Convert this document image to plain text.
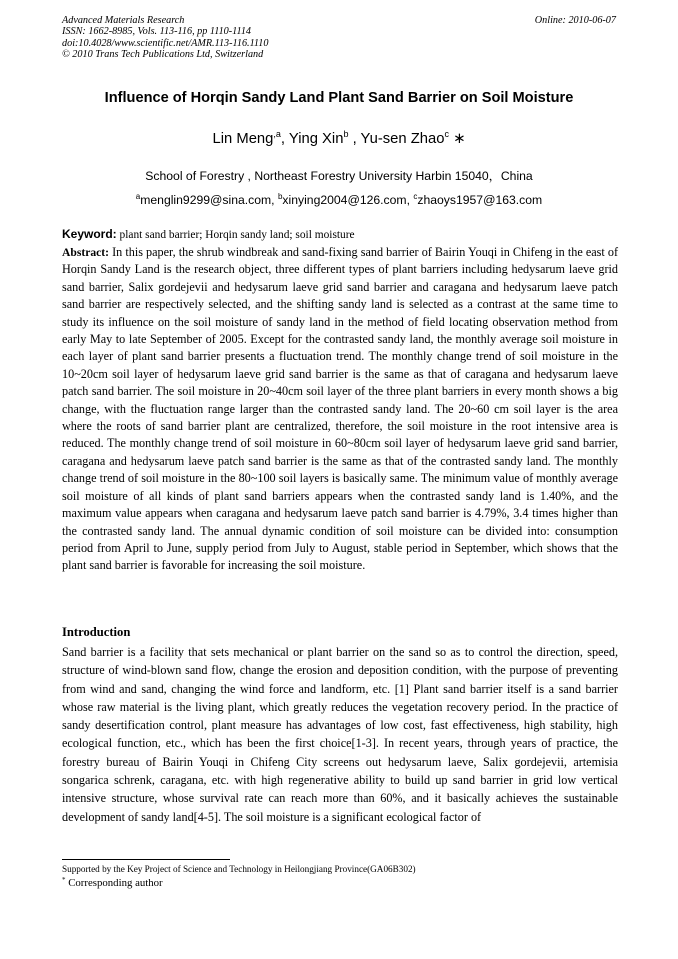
Advanced Materials Research	Online: 2010-06-07
ISSN: 1662-8985, Vols. 113-116, pp 1110-1114
doi:10.4028/www.scientific.net/AMR.113-116.1110
© 2010 Trans Tech Publications Ltd, Switzerland
Influence of Horqin Sandy Land Plant Sand Barrier on Soil Moisture
Lin Meng$^{,a}$, Ying Xin$^b$ , Yu-sen Zhao$^c$ ∗
School of Forestry , Northeast Forestry University Harbin 15040，China
$^a$menglin9299@sina.com, $^b$xinying2004@126.com, $^c$zhaoys1957@163.com
Keyword: plant sand barrier; Horqin sandy land; soil moisture

Abstract: In this paper, the shrub windbreak and sand-fixing sand barrier of Bairin Youqi in Chifeng in the east of Horqin Sandy Land is the research object, three different types of plant barriers including hedysarum laeve grid sand barrier, Salix gordejevii and hedysarum laeve grid sand barrier and caragana and hedysarum laeve patch sand barrier are respectively selected, and the shifting sandy land is selected as a contrast at the same time to study its influence on the soil moisture of sandy land in the method of field locating observation method from early May to late September of 2005. Except for the contrasted sandy land, the monthly average soil moisture in each layer of plant sand barrier presents a fluctuation trend. The monthly change trend of soil moisture in the 10~20cm soil layer of hedysarum laeve grid sand barrier is the same as that of caragana and hedysarum laeve patch sand barrier. The soil moisture in 20~40cm soil layer of the three plant barriers in every month shows a big change, with the fluctuation range larger than the contrasted sandy land. The 20~60 cm soil layer is the area where the roots of sand barrier plant are centralized, therefore, the soil moisture in the root intensive area is reduced. The monthly change trend of soil moisture in 60~80cm soil layer of hedysarum laeve grid sand barrier, caragana and hedysarum laeve patch sand barrier is the same as that of the contrasted sandy land. The monthly change trend of soil moisture in the 80~100 soil layers is basically same. The minimum value of monthly average soil moisture of all kinds of plant sand barriers appears when the contrasted sandy land is 1.40%, and the maximum value appears when caragana and hedysarum laeve patch sand barrier is 4.79%, 3.4 times higher than the contrasted sandy land. The annual dynamic condition of soil moisture can be divided into: consumption period from April to June, supply period from July to August, stable period in September, which shows that the plant sand barrier is favorable for increasing the soil moisture.

Introduction

Sand barrier is a facility that sets mechanical or plant barrier on the sand so as to control the direction, speed, structure of wind-blown sand flow, change the erosion and deposition condition, with the purpose of preventing from wind and sand, changing the wind force and landform, etc. [1] Plant sand barrier itself is a sand barrier whose raw material is the living plant, which greatly reduces the vegetation recovery period. In the practice of sandy desertification control, plant measure has advantages of low cost, fast effectiveness, high stability, high ecological function, etc., which has been the first choice[1-3]. In recent years, through years of practice, the forestry bureau of Bairin Youqi in Chifeng City screens out hedysarum laeve, Salix gordejevii, artemisia songarica schrenk, caragana, etc. with high regenerative ability to build up sand barrier in grid low vertical intensive structure, whose survival rate can reach more than 60%, and it basically achieves the sustainable development of sandy land[4-5]. The soil moisture is a significant ecological factor of

Supported by the Key Project of Science and Technology in Heilongjiang Province(GA06B302)
* Corresponding author
